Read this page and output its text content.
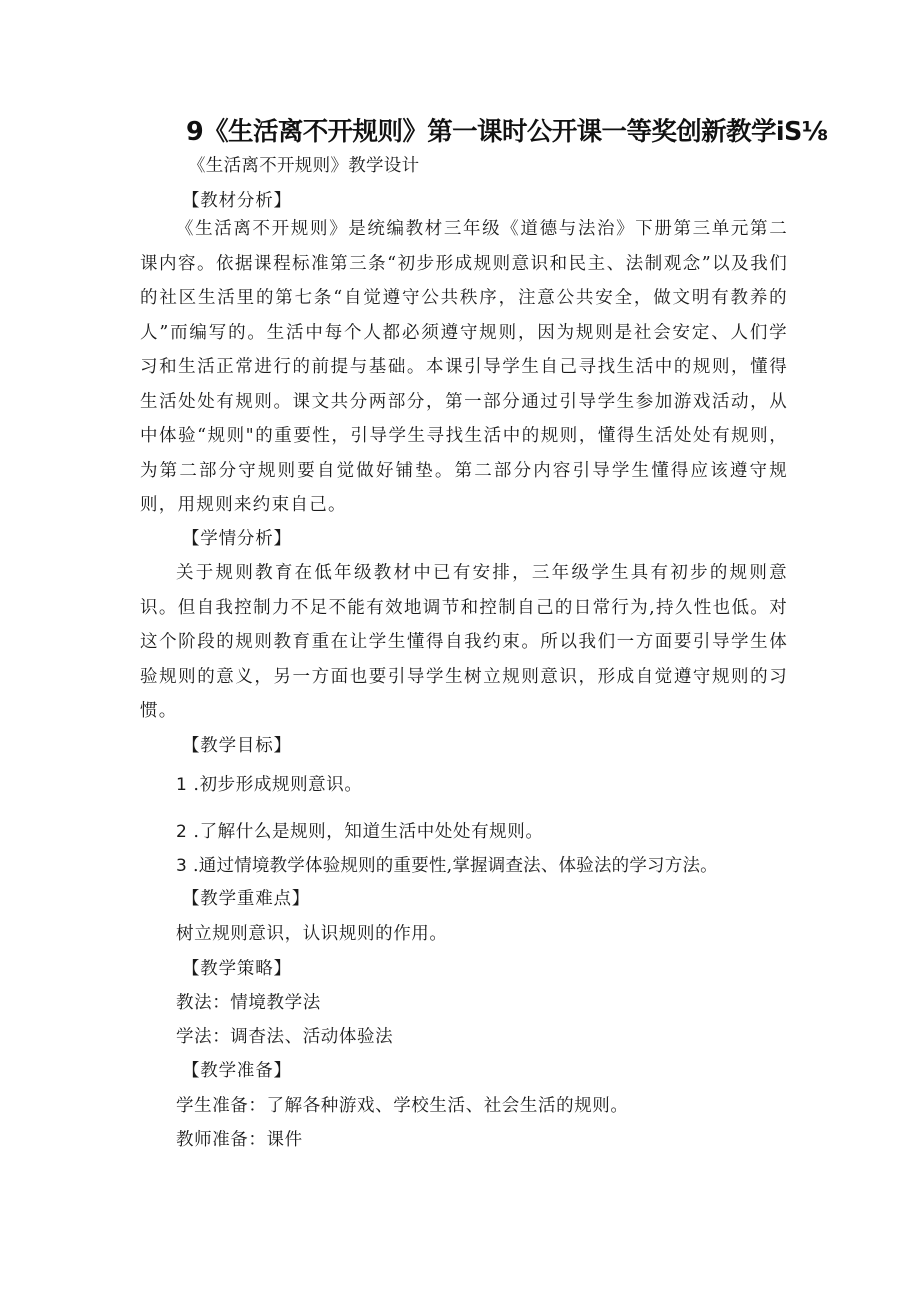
9《生活离不开规则》第一课时公开课一等奖创新教学iS⅛
《生活离不开规则》教学设计
【教材分析】
《生活离不开规则》是统编教材三年级《道德与法治》下册第三单元第二课内容。依据课程标准第三条“初步形成规则意识和民主、法制观念”以及我们的社区生活里的第七条“自觉遵守公共秩序，注意公共安全，做文明有教养的人”而编写的。生活中每个人都必须遵守规则，因为规则是社会安定、人们学习和生活正常进行的前提与基础。本课引导学生自己寻找生活中的规则，懂得生活处处有规则。课文共分两部分，第一部分通过引导学生参加游戏活动，从中体验“规则"的重要性，引导学生寻找生活中的规则，懂得生活处处有规则，为第二部分守规则要自觉做好铺垫。第二部分内容引导学生懂得应该遵守规则，用规则来约束自己。
【学情分析】
关于规则教育在低年级教材中已有安排，三年级学生具有初步的规则意识。但自我控制力不足不能有效地调节和控制自己的日常行为,持久性也低。对这个阶段的规则教育重在让学生懂得自我约束。所以我们一方面要引导学生体验规则的意义，另一方面也要引导学生树立规则意识，形成自觉遵守规则的习惯。
【教学目标】
1 .初步形成规则意识。
2 .了解什么是规则，知道生活中处处有规则。
3 .通过情境教学体验规则的重要性,掌握调查法、体验法的学习方法。
【教学重难点】
树立规则意识，认识规则的作用。
【教学策略】
教法：情境教学法
学法：调杳法、活动体验法
【教学准备】
学生准备：了解各种游戏、学校生活、社会生活的规则。
教师准备：课件
